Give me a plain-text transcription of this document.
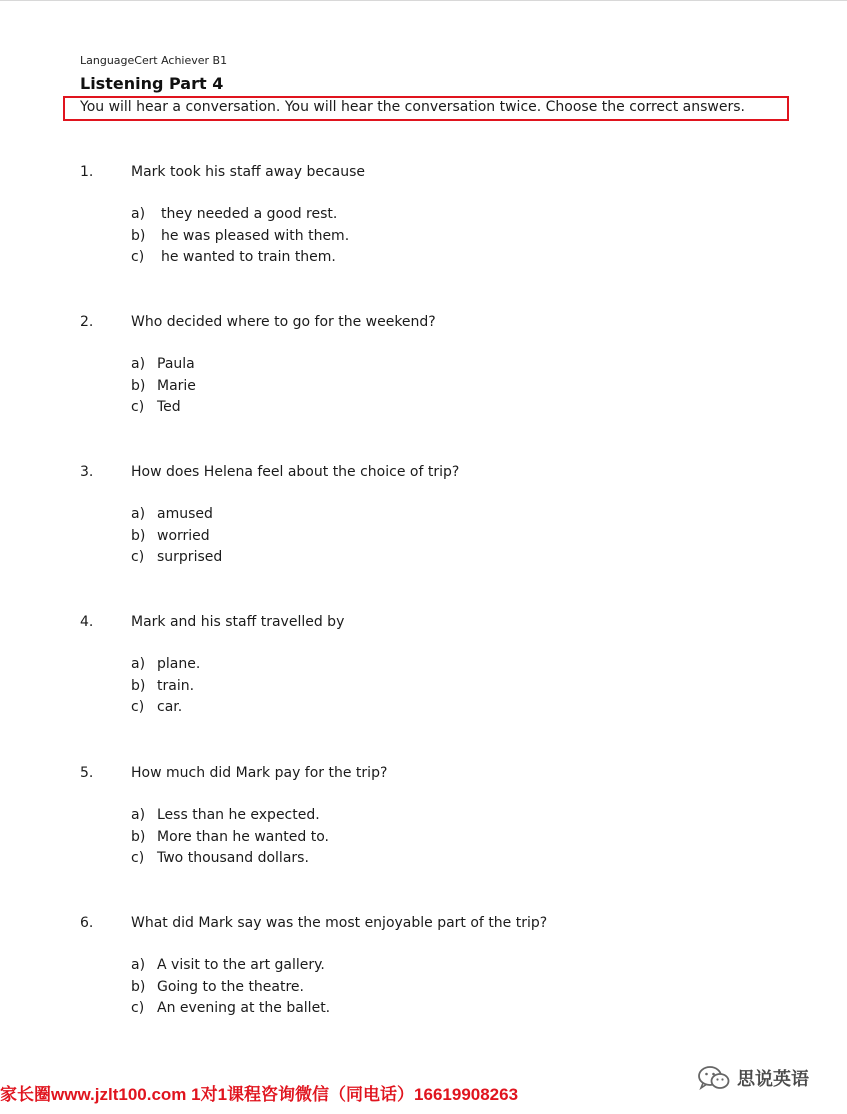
LanguageCert Achiever B1
Listening Part 4
You will hear a conversation. You will hear the conversation twice. Choose the correct answers.
1.	Mark took his staff away because
a) they needed a good rest.
b) he was pleased with them.
c) he wanted to train them.
2.	Who decided where to go for the weekend?
a) Paula
b) Marie
c) Ted
3.	How does Helena feel about the choice of trip?
a) amused
b) worried
c) surprised
4.	Mark and his staff travelled by
a) plane.
b) train.
c) car.
5.	How much did Mark pay for the trip?
a) Less than he expected.
b) More than he wanted to.
c) Two thousand dollars.
6.	What did Mark say was the most enjoyable part of the trip?
a) A visit to the art gallery.
b) Going to the theatre.
c) An evening at the ballet.
家长圈www.jzlt100.com 1对1课程咨询微信（同电话）16619908263
思说英语
